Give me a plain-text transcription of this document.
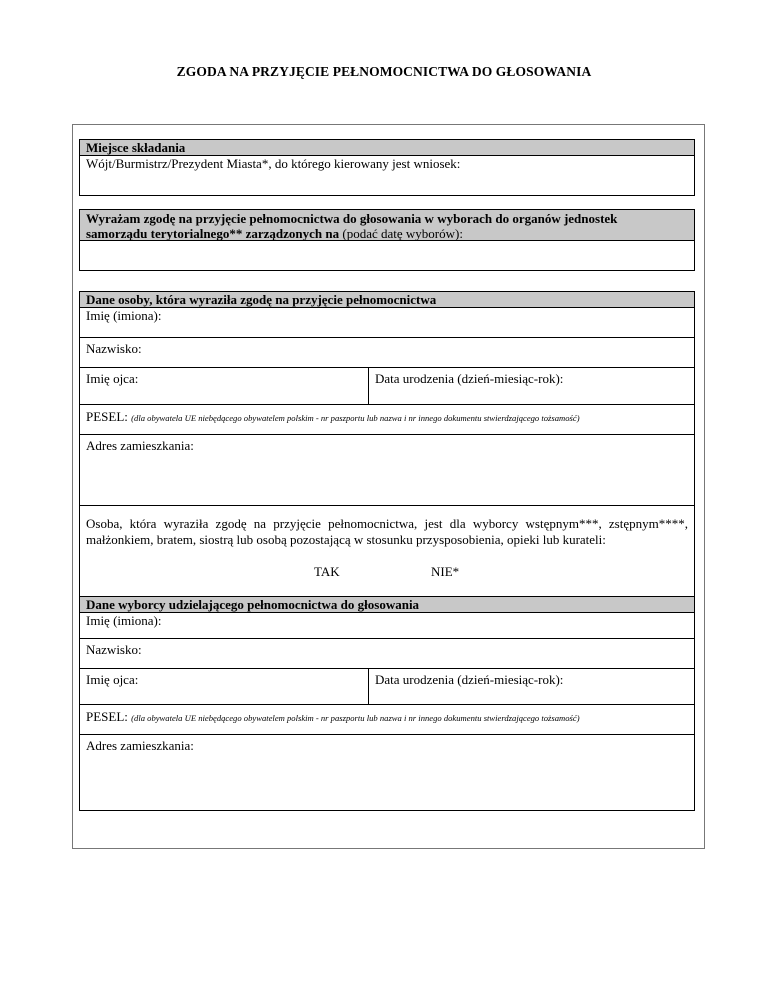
ZGODA NA PRZYJĘCIE PEŁNOMOCNICTWA DO GŁOSOWANIA
Miejsce składania
Wójt/Burmistrz/Prezydent Miasta*, do którego kierowany jest wniosek:
Wyrażam zgodę na przyjęcie pełnomocnictwa do głosowania w wyborach do organów jednostek
samorządu terytorialnego** zarządzonych na (podać datę wyborów):
Dane osoby, która wyraziła zgodę na przyjęcie pełnomocnictwa
Imię (imiona):
Nazwisko:
Imię ojca:	Data urodzenia (dzień-miesiąc-rok):
PESEL: (dla obywatela UE niebędącego obywatelem polskim - nr paszportu lub nazwa i nr innego dokumentu stwierdzającego tożsamość)
Adres zamieszkania:
Osoba, która wyraziła zgodę na przyjęcie pełnomocnictwa, jest dla wyborcy wstępnym***, zstępnym****, małżonkiem, bratem, siostrą lub osobą pozostającą w stosunku przysposobienia, opieki lub kurateli:
TAK	NIE*
Dane wyborcy udzielającego pełnomocnictwa do głosowania
Imię (imiona):
Nazwisko:
Imię ojca:	Data urodzenia (dzień-miesiąc-rok):
PESEL: (dla obywatela UE niebędącego obywatelem polskim - nr paszportu lub nazwa i nr innego dokumentu stwierdzającego tożsamość)
Adres zamieszkania:
